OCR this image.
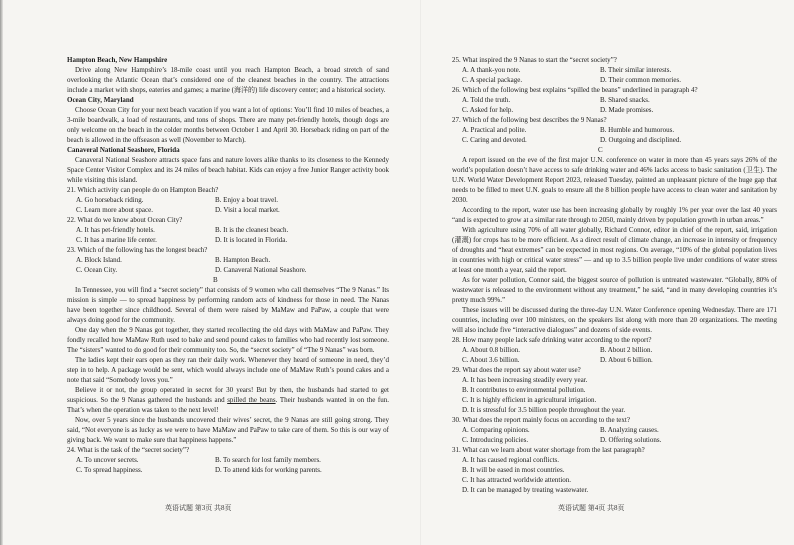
Hampton Beach, New Hampshire

Drive along New Hampshire’s 18-mile coast until you reach Hampton Beach, a broad stretch of sand overlooking the Atlantic Ocean that’s considered one of the cleanest beaches in the country. The attractions include a market with shops, eateries and games; a marine (海洋的) life discovery center; and a historical society.

Ocean City, Maryland

Choose Ocean City for your next beach vacation if you want a lot of options: You’ll find 10 miles of beaches, a 3-mile boardwalk, a load of restaurants, and tons of shops. There are many pet-friendly hotels, though dogs are only welcome on the beach in the colder months between October 1 and April 30. Horseback riding on part of the beach is allowed in the offseason as well (November to March).

Canaveral National Seashore, Florida

Canaveral National Seashore attracts space fans and nature lovers alike thanks to its closeness to the Kennedy Space Center Visitor Complex and its 24 miles of beach habitat. Kids can enjoy a free Junior Ranger activity book while visiting this island.

21. Which activity can people do on Hampton Beach?
A. Go horseback riding.	B. Enjoy a boat travel.
C. Learn more about space.	D. Visit a local market.
22. What do we know about Ocean City?
A. It has pet-friendly hotels.	B. It is the cleanest beach.
C. It has a marine life center.	D. It is located in Florida.
23. Which of the following has the longest beach?
A. Block Island.	B. Hampton Beach.
C. Ocean City.	D. Canaveral National Seashore.
B

In Tennessee, you will find a “secret society” that consists of 9 women who call themselves “The 9 Nanas.” Its mission is simple — to spread happiness by performing random acts of kindness for those in need. The Nanas have been together since childhood. Several of them were raised by MaMaw and PaPaw, a couple that were always doing good for the community.

One day when the 9 Nanas got together, they started recollecting the old days with MaMaw and PaPaw. They fondly recalled how MaMaw Ruth used to bake and send pound cakes to families who had recently lost someone. The “sisters” wanted to do good for their community too. So, the “secret society” of “The 9 Nanas” was born.

The ladies kept their ears open as they ran their daily work. Whenever they heard of someone in need, they’d step in to help. A package would be sent, which would always include one of MaMaw Ruth’s pound cakes and a note that said “Somebody loves you.”

Believe it or not, the group operated in secret for 30 years! But by then, the husbands had started to get suspicious. So the 9 Nanas gathered the husbands and spilled the beans. Their husbands wanted in on the fun. That’s when the operation was taken to the next level!

Now, over 5 years since the husbands uncovered their wives’ secret, the 9 Nanas are still going strong. They said, “Not everyone is as lucky as we were to have MaMaw and PaPaw to take care of them. So this is our way of giving back. We want to make sure that happiness happens.”

24. What is the task of the “secret society”?
A. To uncover secrets.	B. To search for lost family members.
C. To spread happiness.	D. To attend kids for working parents.
英语试题 第3页 共8页
25. What inspired the 9 Nanas to start the “secret society”?
A. A thank-you note.	B. Their similar interests.
C. A special package.	D. Their common memories.
26. Which of the following best explains “spilled the beans” underlined in paragraph 4?
A. Told the truth.	B. Shared snacks.
C. Asked for help.	D. Made promises.
27. Which of the following best describes the 9 Nanas?
A. Practical and polite.	B. Humble and humorous.
C. Caring and devoted.	D. Outgoing and disciplined.
C

A report issued on the eve of the first major U.N. conference on water in more than 45 years says 26% of the world’s population doesn’t have access to safe drinking water and 46% lacks access to basic sanitation (卫生). The U.N. World Water Development Report 2023, released Tuesday, painted an unpleasant picture of the huge gap that needs to be filled to meet U.N. goals to ensure all the 8 billion people have access to clean water and sanitation by 2030.

According to the report, water use has been increasing globally by roughly 1% per year over the last 40 years “and is expected to grow at a similar rate through to 2050, mainly driven by population growth in urban areas.”

With agriculture using 70% of all water globally, Richard Connor, editor in chief of the report, said, irrigation (灌溉) for crops has to be more efficient. As a direct result of climate change, an increase in intensity or frequency of droughts and “heat extremes” can be expected in most regions. On average, “10% of the global population lives in countries with high or critical water stress” — and up to 3.5 billion people live under conditions of water stress at least one month a year, said the report.

As for water pollution, Connor said, the biggest source of pollution is untreated wastewater. “Globally, 80% of wastewater is released to the environment without any treatment,” he said, “and in many developing countries it’s pretty much 99%.”

These issues will be discussed during the three-day U.N. Water Conference opening Wednesday. There are 171 countries, including over 100 ministers, on the speakers list along with more than 20 organizations. The meeting will also include five “interactive dialogues” and dozens of side events.

28. How many people lack safe drinking water according to the report?
A. About 0.8 billion.	B. About 2 billion.
C. About 3.6 billion.	D. About 6 billion.
29. What does the report say about water use?
A. It has been increasing steadily every year.
B. It contributes to environmental pollution.
C. It is highly efficient in agricultural irrigation.
D. It is stressful for 3.5 billion people throughout the year.
30. What does the report mainly focus on according to the text?
A. Comparing opinions.	B. Analyzing causes.
C. Introducing policies.	D. Offering solutions.
31. What can we learn about water shortage from the last paragraph?
A. It has caused regional conflicts.
B. It will be eased in most countries.
C. It has attracted worldwide attention.
D. It can be managed by treating wastewater.
英语试题 第4页 共8页
